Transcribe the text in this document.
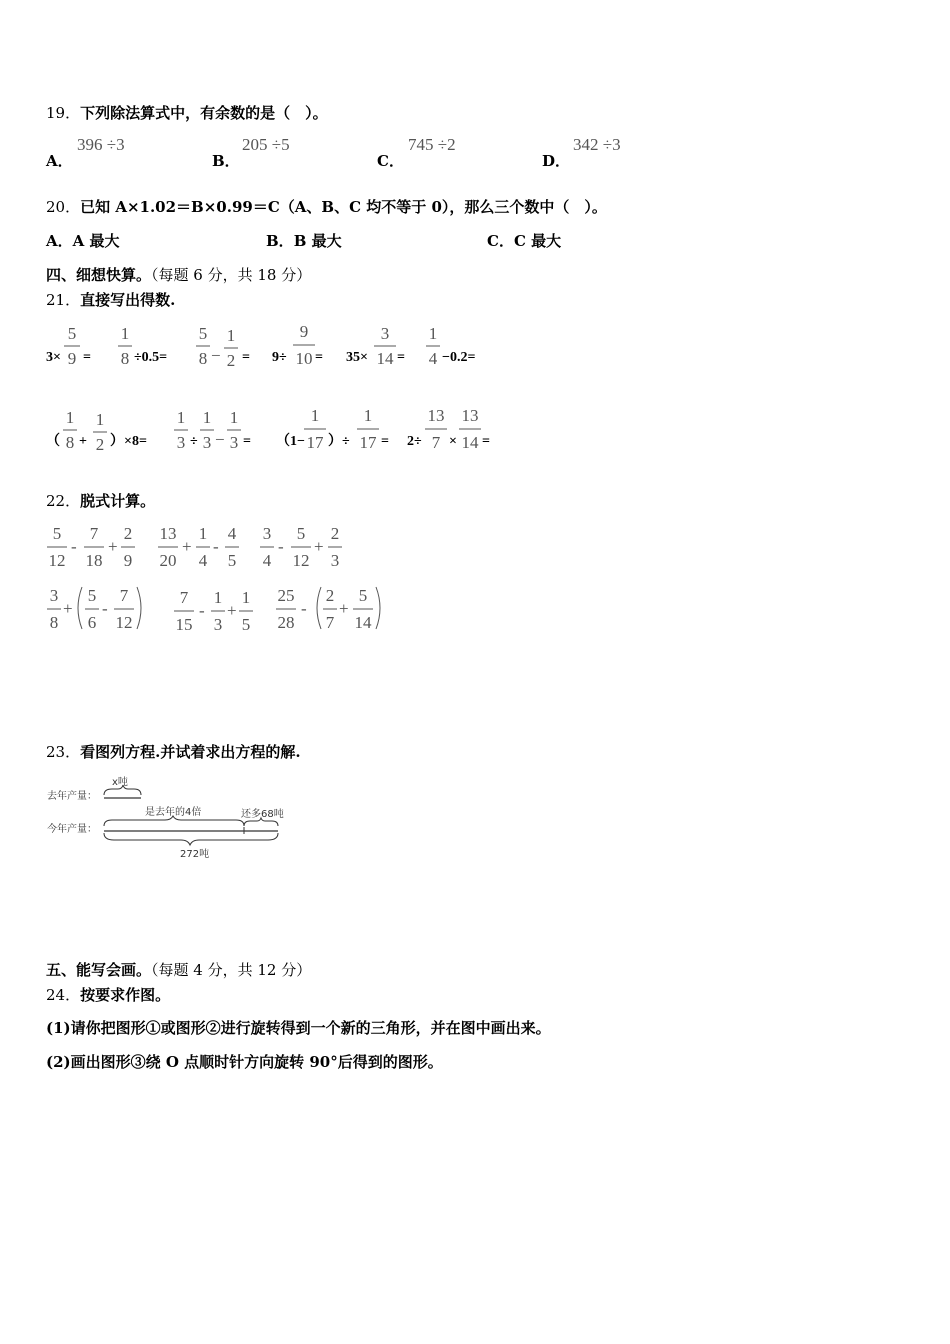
19．下列除法算式中，有余数的是（　）。
A．
396 ÷3
B．
205 ÷5
C．
745 ÷2
D．
342 ÷3
20．已知 A×1.02＝B×0.99＝C（A、B、C 均不等于 0），那么三个数中（　）。
A．A 最大	B．B 最大	C．C 最大
四、细想快算。（每题 6 分，共 18 分）
21．直接写出得数.
3×
5
9 =
1
8 ÷0.5=
5
8 −
1
2 = 9÷
9
10 = 35×
3
14 =
1
4 −0.2=
（
1
8 +
1
2 ）×8=
1
3 ÷
1
3 −
1
3 = （1−
1
17 ）÷
1
17 = 2÷
13
7 ×
13
14 =
22．脱式计算。
5
12
-
7
18
+
2
9
13
20
+
1
4
-
4
5
3
4
-
5
12
+
2
3
3
8
+
5
6
-
7
12
7
15
-
1
3
+
1
5
25
28
-
2
7
+
5
14
23．看图列方程.并试着求出方程的解.
去年产量：
x吨
今年产量：
是去年的4倍	还多68吨
272吨
五、能写会画。（每题 4 分，共 12 分）
24．按要求作图。
(1)请你把图形①或图形②进行旋转得到一个新的三角形，并在图中画出来。
(2)画出图形③绕 O 点顺时针方向旋转 90°后得到的图形。
